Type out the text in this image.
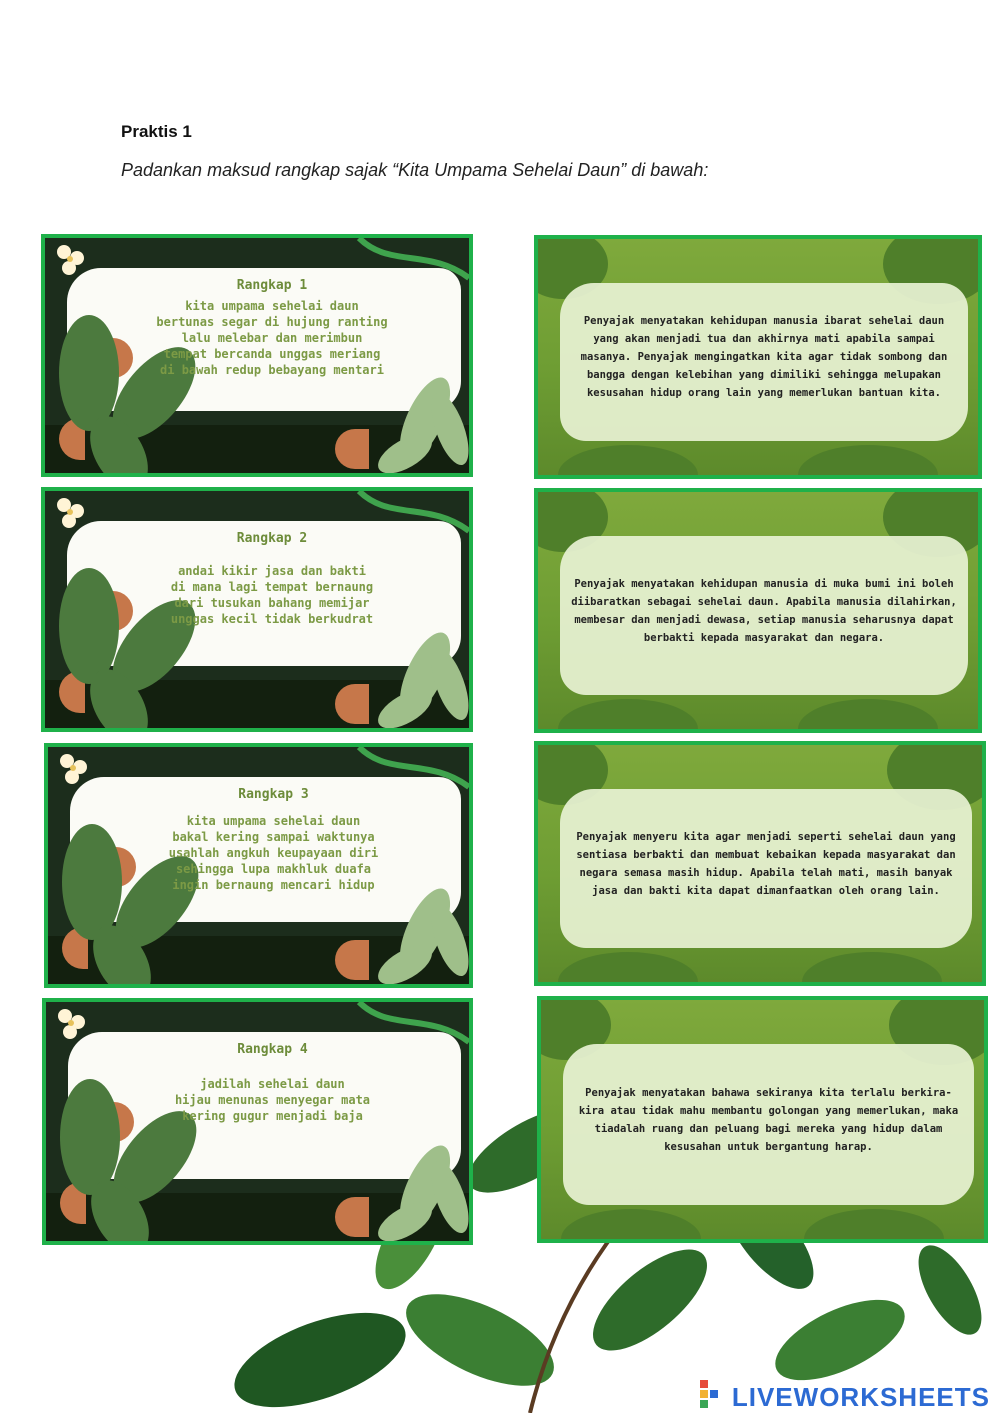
Praktis 1
Padankan maksud rangkap sajak “Kita Umpama Sehelai Daun” di bawah:
Rangkap 1
kita umpama sehelai daun
bertunas segar di hujung ranting
lalu melebar dan merimbun
tempat bercanda unggas meriang
di bawah redup bebayang mentari
Rangkap 2
andai kikir jasa dan bakti
di mana lagi tempat bernaung
dari tusukan bahang memijar
unggas kecil tidak berkudrat
Rangkap 3
kita umpama sehelai daun
bakal kering sampai waktunya
usahlah angkuh keupayaan diri
sehingga lupa makhluk duafa
ingin bernaung mencari hidup
Rangkap 4
jadilah sehelai daun
hijau menunas menyegar mata
kering gugur menjadi baja
Penyajak menyatakan kehidupan manusia ibarat sehelai daun yang akan menjadi tua dan akhirnya mati apabila sampai masanya. Penyajak mengingatkan kita agar tidak sombong dan bangga dengan kelebihan yang dimiliki sehingga melupakan kesusahan hidup orang lain yang memerlukan bantuan kita.
Penyajak menyatakan kehidupan manusia di muka bumi ini boleh diibaratkan sebagai sehelai daun. Apabila manusia dilahirkan, membesar dan menjadi dewasa, setiap manusia seharusnya dapat berbakti kepada masyarakat dan negara.
Penyajak menyeru kita agar menjadi seperti sehelai daun yang sentiasa berbakti dan membuat kebaikan kepada masyarakat dan negara semasa masih hidup. Apabila telah mati, masih banyak jasa dan bakti kita dapat dimanfaatkan oleh orang lain.
Penyajak menyatakan bahawa sekiranya kita terlalu berkira-kira atau tidak mahu membantu golongan yang memerlukan, maka tiadalah ruang dan peluang bagi mereka yang hidup dalam kesusahan untuk bergantung harap.
LIVEWORKSHEETS
